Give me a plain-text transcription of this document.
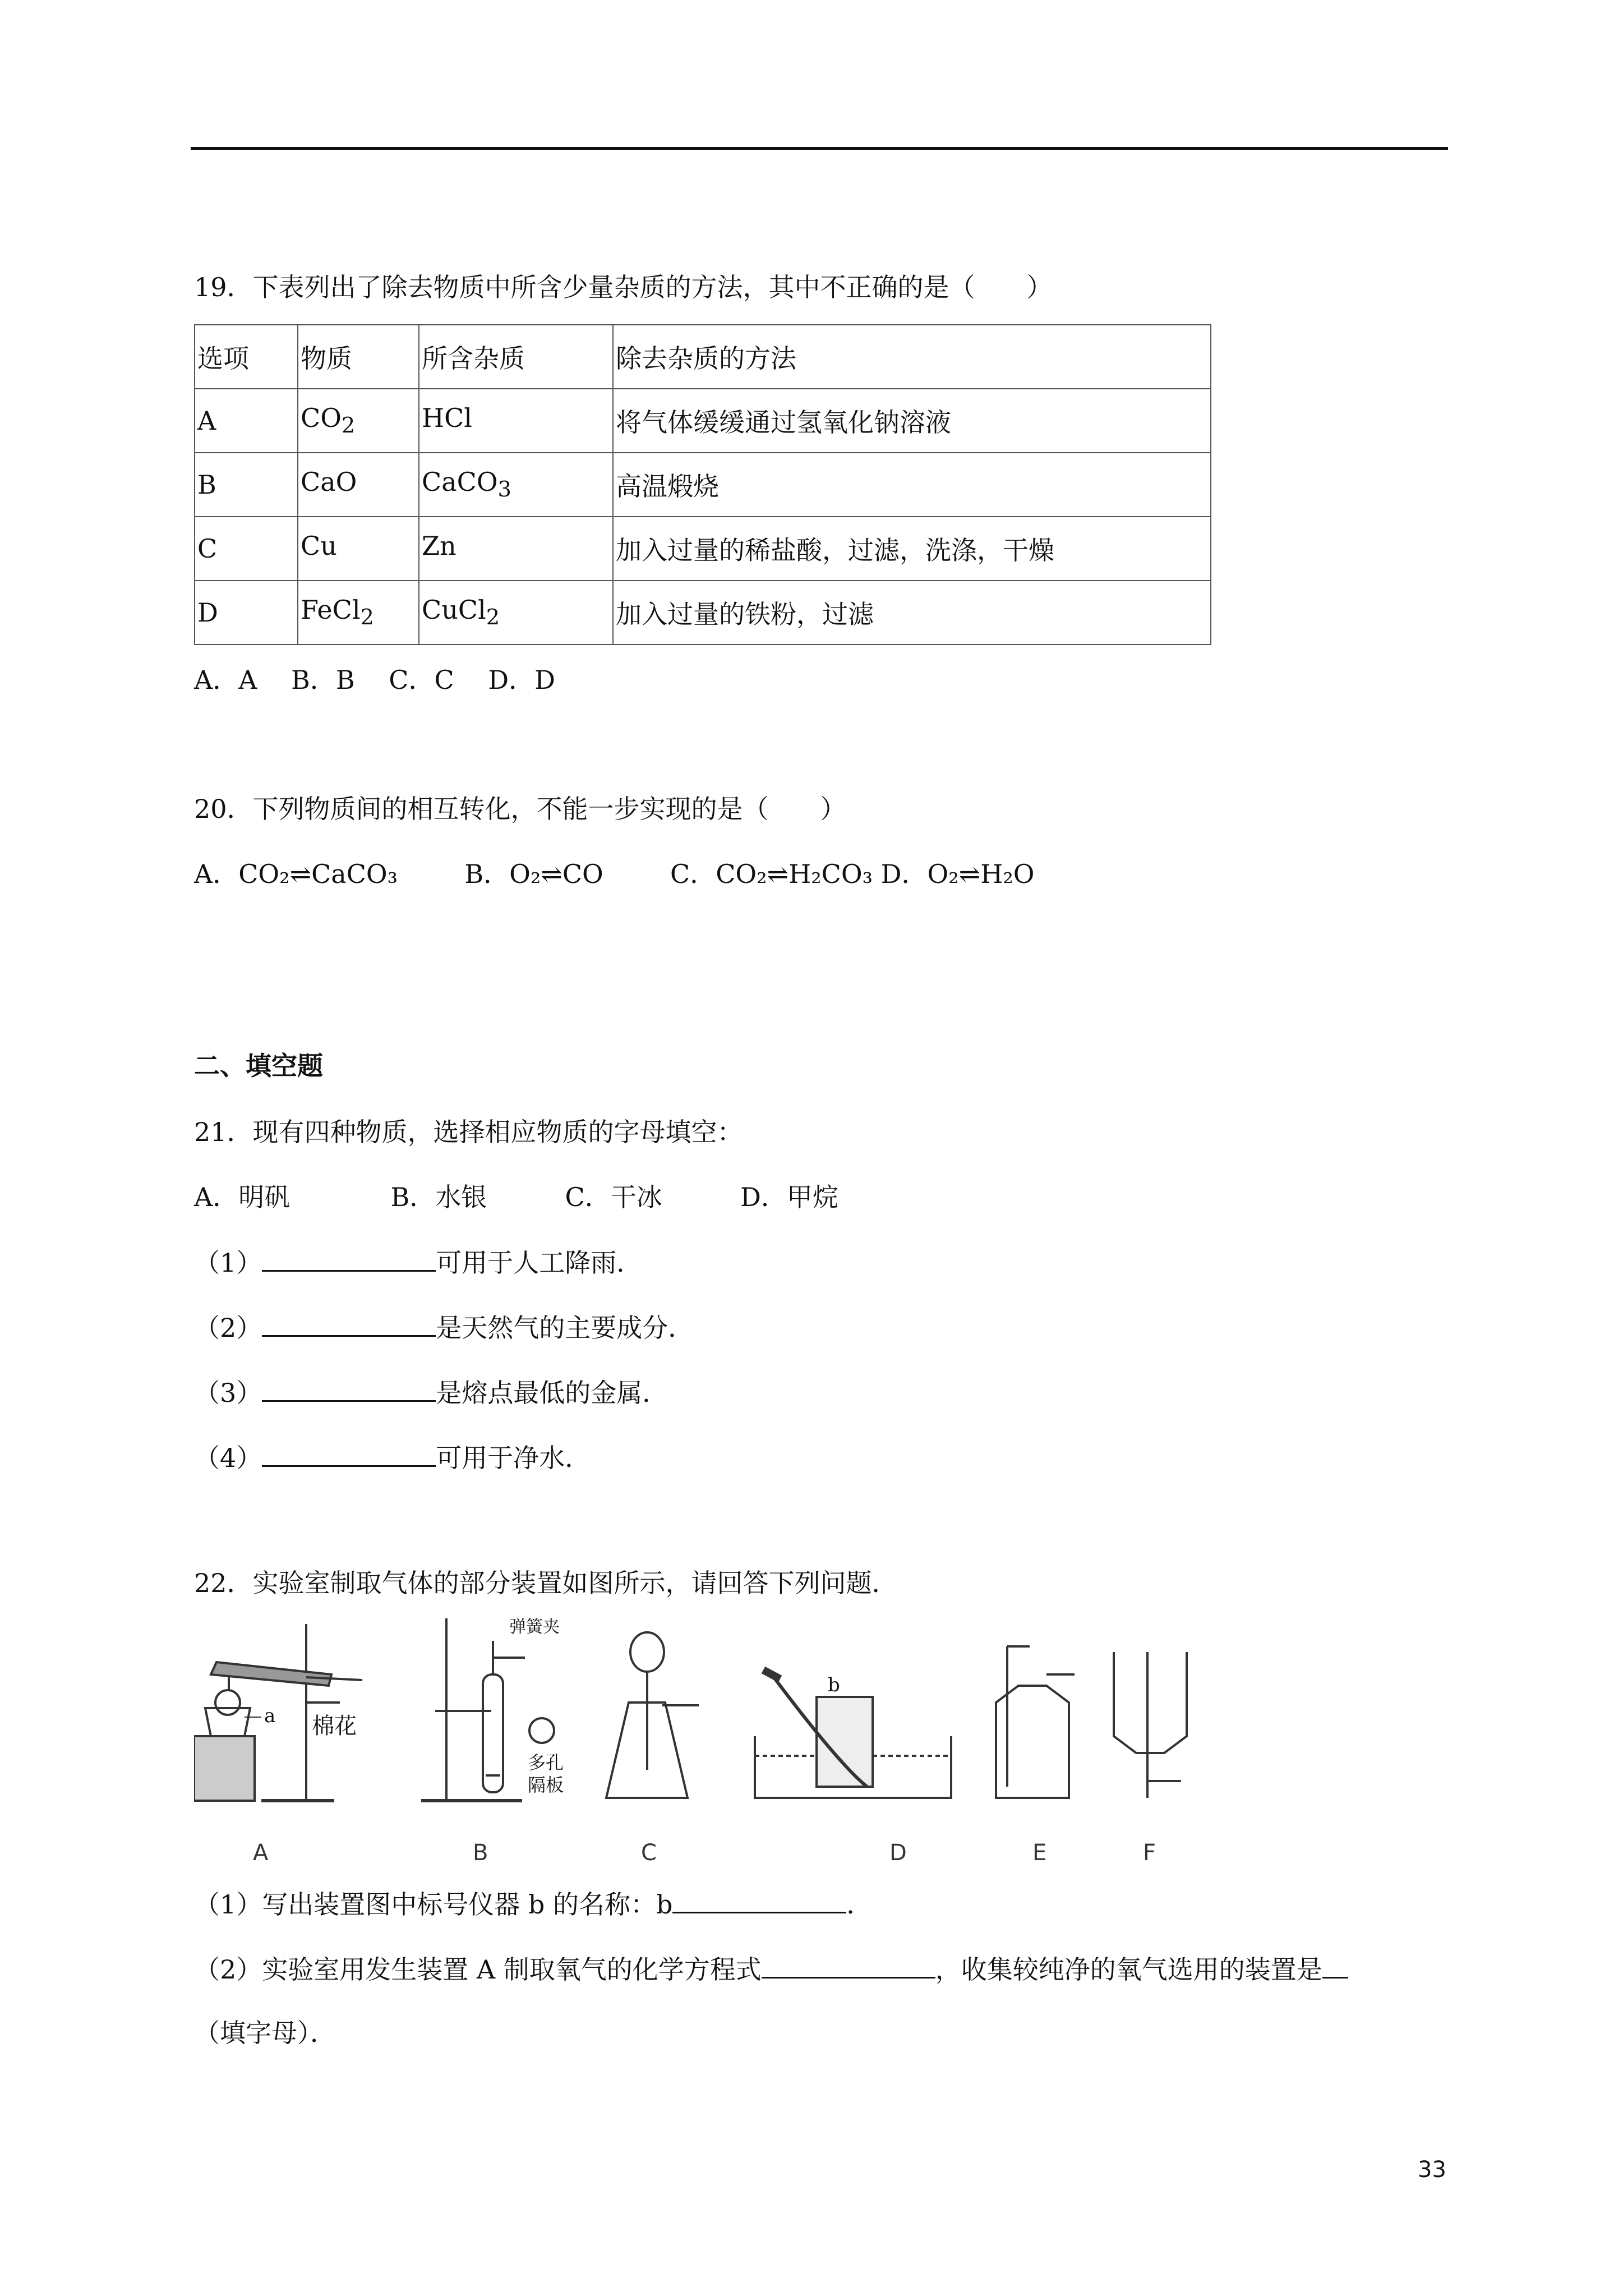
19．下表列出了除去物质中所含少量杂质的方法，其中不正确的是（　　）
选项	物质	所含杂质	除去杂质的方法
A	$CO_2$	HCl	将气体缓缓通过氢氧化钠溶液
B	CaO	CaCO$_3$	高温煅烧
C	Cu	Zn	加入过量的稀盐酸，过滤，洗涤，干燥
D	FeCl$_2$	CuCl$_2$	加入过量的铁粉，过滤
A．A　 B．B　 C．C　 D．D
20．下列物质间的相互转化，不能一步实现的是（　　）
A．CO₂⇌CaCO₃	B．O₂⇌CO	C．CO₂⇌H₂CO₃ D．O₂⇌H₂O
二、填空题
21．现有四种物质，选择相应物质的字母填空：
A．明矾	B．水银	C．干冰	D．甲烷
（1）	可用于人工降雨．
（2）	是天然气的主要成分．
（3）	是熔点最低的金属．
（4）	可用于净水．
22．实验室制取气体的部分装置如图所示，请回答下列问题．
a 棉花
弹簧夹
多孔
隔板
b
A	B	C	D	E	F
（1）写出装置图中标号仪器 b 的名称：b	．
（2）实验室用发生装置 A 制取氧气的化学方程式	，收集较纯净的氧气选用的装置是
（填字母）．
33
